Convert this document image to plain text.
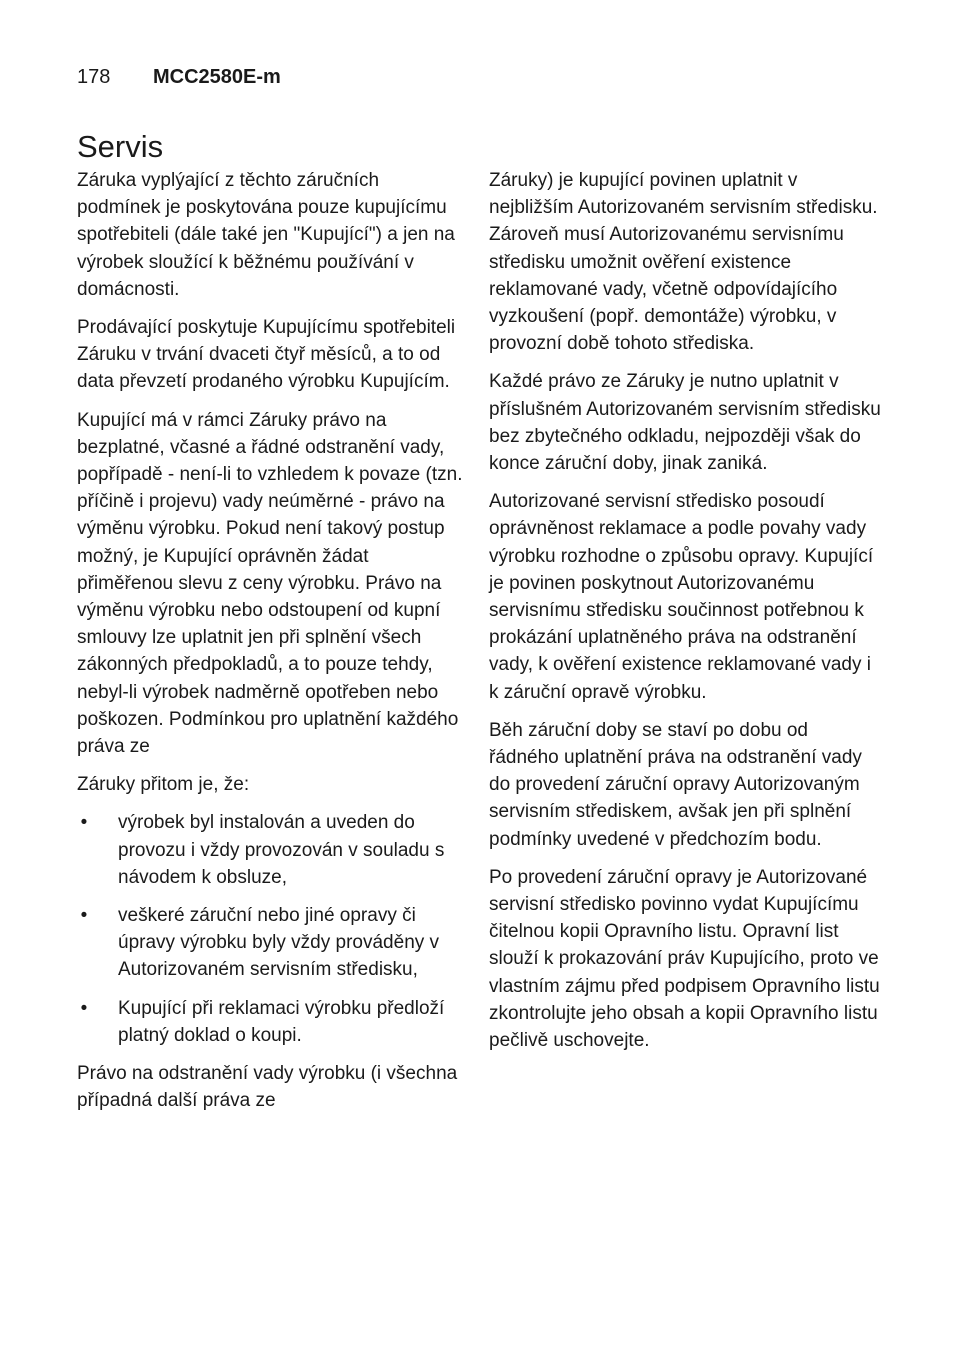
178 MCC2580E-m
Servis

Záruka vyplýající z těchto záručních podmínek je poskytována pouze kupujícímu spotřebiteli (dále také jen "Kupující") a jen na výrobek sloužící k běžnému používání v domácnosti.

Prodávající poskytuje Kupujícímu spotřebiteli Záruku v trvání dvaceti čtyř měsíců, a to od data převzetí prodaného výrobku Kupujícím.

Kupující má v rámci Záruky právo na bezplatné, včasné a řádné odstranění vady, popřípadě - není-li to vzhledem k povaze (tzn. příčině i projevu) vady neúměrné - právo na výměnu výrobku. Pokud není takový postup možný, je Kupující oprávněn žádat přiměřenou slevu z ceny výrobku. Právo na výměnu výrobku nebo odstoupení od kupní smlouvy lze uplatnit jen při splnění všech zákonných předpokladů, a to pouze tehdy, nebyl-li výrobek nadměrně opotřeben nebo poškozen. Podmínkou pro uplatnění každého práva ze

Záruky přitom je, že:

• výrobek byl instalován a uveden do provozu i vždy provozován v souladu s návodem k obsluze,
• veškeré záruční nebo jiné opravy či úpravy výrobku byly vždy prováděny v Autorizovaném servisním středisku,
• Kupující při reklamaci výrobku předloží platný doklad o koupi.

Právo na odstranění vady výrobku (i všechna případná další práva ze

Záruky) je kupující povinen uplatnit v nejbližším Autorizovaném servisním středisku. Zároveň musí Autorizovanému servisnímu středisku umožnit ověření existence reklamované vady, včetně odpovídajícího vyzkoušení (popř. demontáže) výrobku, v provozní době tohoto střediska.

Každé právo ze Záruky je nutno uplatnit v příslušném Autorizovaném servisním středisku bez zbytečného odkladu, nejpozději však do konce záruční doby, jinak zaniká.

Autorizované servisní středisko posoudí oprávněnost reklamace a podle povahy vady výrobku rozhodne o způsobu opravy. Kupující je povinen poskytnout Autorizovanému servisnímu středisku součinnost potřebnou k prokázání uplatněného práva na odstranění vady, k ověření existence reklamované vady i k záruční opravě výrobku.

Běh záruční doby se staví po dobu od řádného uplatnění práva na odstranění vady do provedení záruční opravy Autorizovaným servisním střediskem, avšak jen při splnění podmínky uvedené v předchozím bodu.

Po provedení záruční opravy je Autorizované servisní středisko povinno vydat Kupujícímu čitelnou kopii Opravního listu. Opravní list slouží k prokazování práv Kupujícího, proto ve vlastním zájmu před podpisem Opravního listu zkontrolujte jeho obsah a kopii Opravního listu pečlivě uschovejte.
